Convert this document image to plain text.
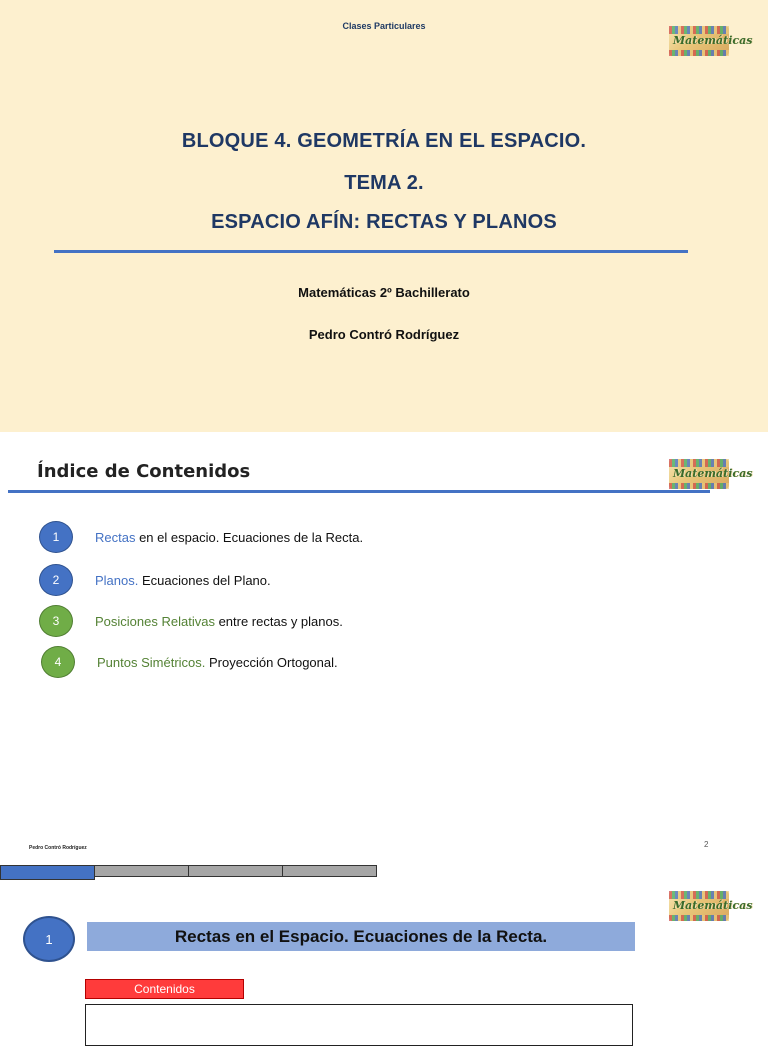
Clases Particulares
Matemáticas
BLOQUE 4. GEOMETRÍA EN EL ESPACIO.
TEMA 2.
ESPACIO AFÍN: RECTAS Y PLANOS
Matemáticas 2º Bachillerato
Pedro Contró Rodríguez
Índice de Contenidos	Matemáticas
1	Rectas en el espacio. Ecuaciones de la Recta.
2	Planos. Ecuaciones del Plano.
3	Posiciones Relativas entre rectas y planos.
4	Puntos Simétricos. Proyección Ortogonal.
Pedro Contró Rodríguez	2
Matemáticas
1	Rectas en el Espacio. Ecuaciones de la Recta.
Contenidos
